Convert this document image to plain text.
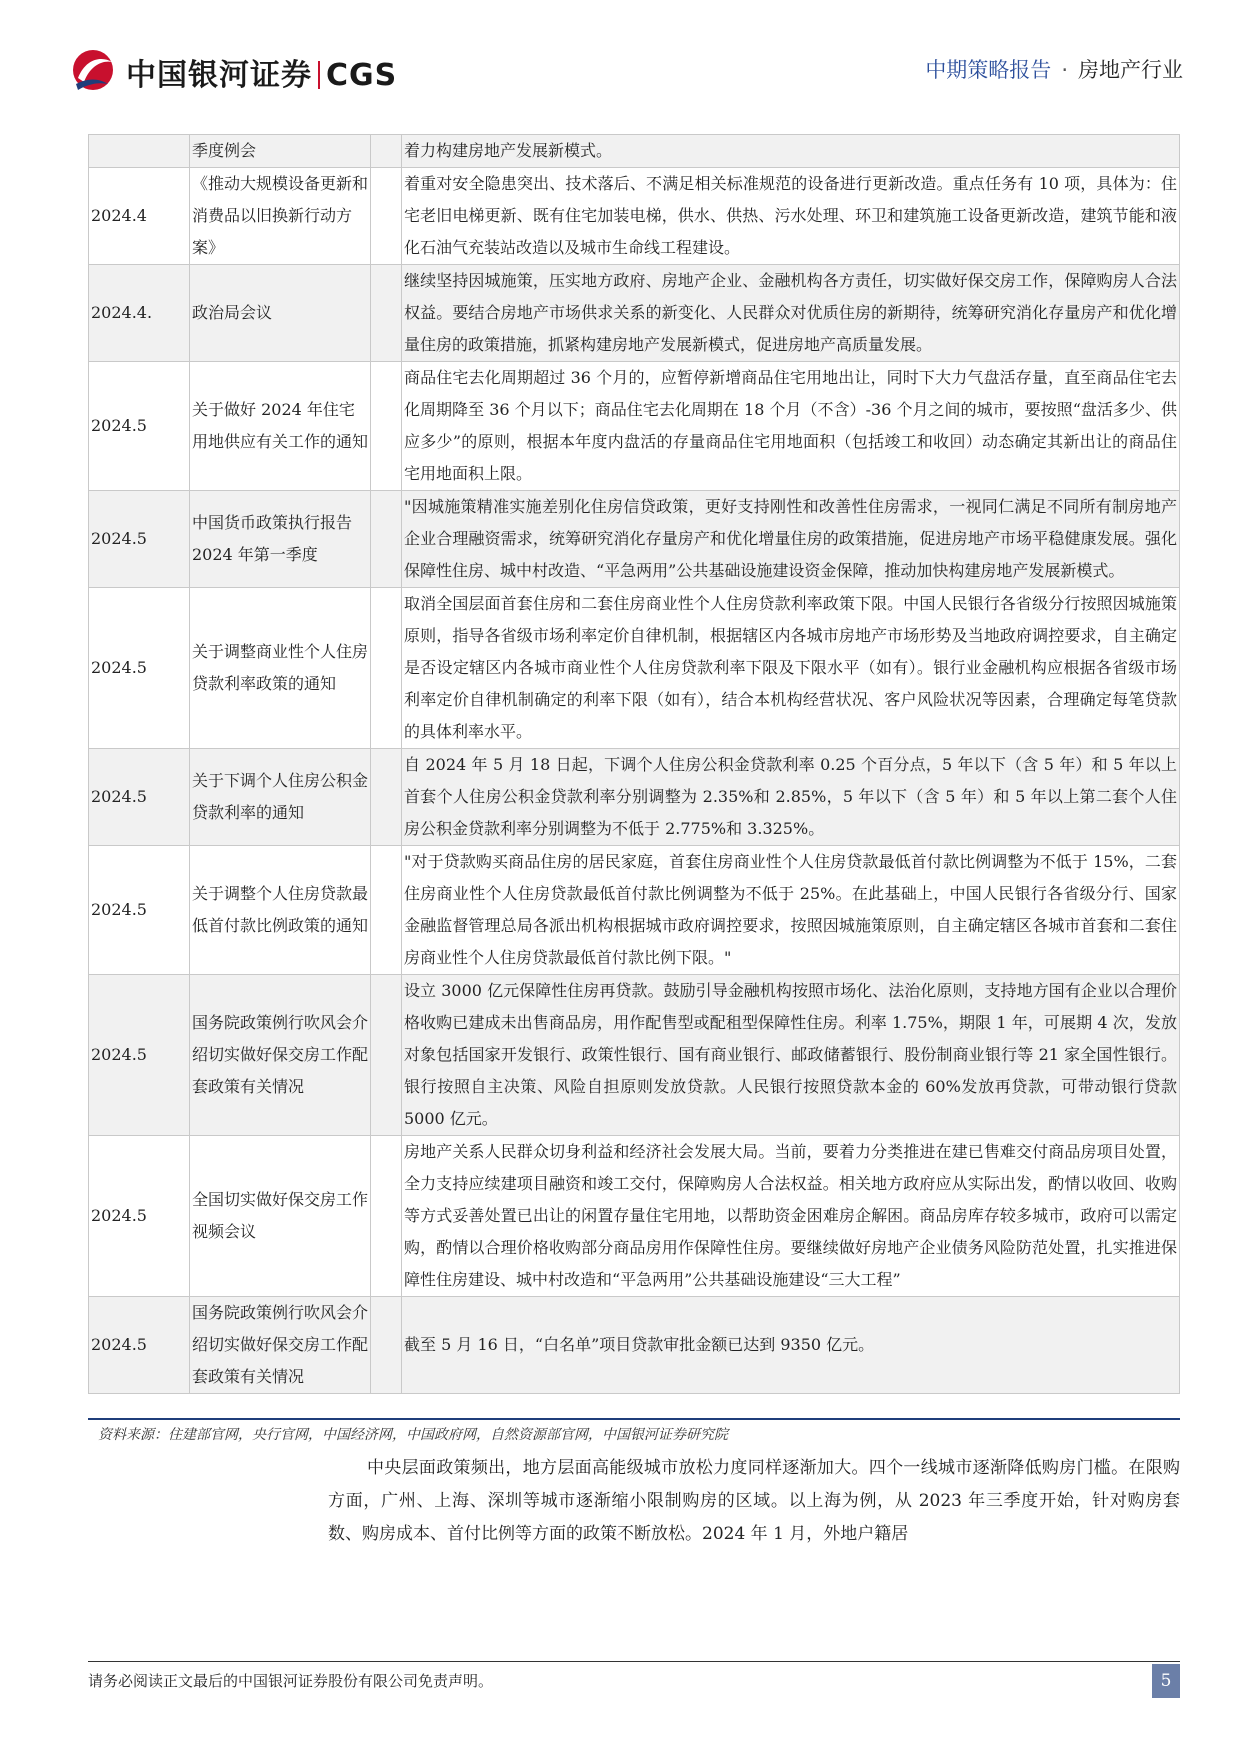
中国银河证券 CGS	中期策略报告 · 房地产行业
	季度例会		着力构建房地产发展新模式。
2024.4	《推动大规模设备更新和消费品以旧换新行动方案》		着重对安全隐患突出、技术落后、不满足相关标准规范的设备进行更新改造。重点任务有 10 项，具体为：住宅老旧电梯更新、既有住宅加装电梯，供水、供热、污水处理、环卫和建筑施工设备更新改造，建筑节能和液化石油气充装站改造以及城市生命线工程建设。
2024.4.	政治局会议		继续坚持因城施策，压实地方政府、房地产企业、金融机构各方责任，切实做好保交房工作，保障购房人合法权益。要结合房地产市场供求关系的新变化、人民群众对优质住房的新期待，统筹研究消化存量房产和优化增量住房的政策措施，抓紧构建房地产发展新模式，促进房地产高质量发展。
2024.5	关于做好 2024 年住宅用地供应有关工作的通知		商品住宅去化周期超过 36 个月的，应暂停新增商品住宅用地出让，同时下大力气盘活存量，直至商品住宅去化周期降至 36 个月以下；商品住宅去化周期在 18 个月（不含）-36 个月之间的城市，要按照“盘活多少、供应多少”的原则，根据本年度内盘活的存量商品住宅用地面积（包括竣工和收回）动态确定其新出让的商品住宅用地面积上限。
2024.5	中国货币政策执行报告 2024 年第一季度		"因城施策精准实施差别化住房信贷政策，更好支持刚性和改善性住房需求，一视同仁满足不同所有制房地产企业合理融资需求，统筹研究消化存量房产和优化增量住房的政策措施，促进房地产市场平稳健康发展。强化保障性住房、城中村改造、“平急两用”公共基础设施建设资金保障，推动加快构建房地产发展新模式。
2024.5	关于调整商业性个人住房贷款利率政策的通知		取消全国层面首套住房和二套住房商业性个人住房贷款利率政策下限。中国人民银行各省级分行按照因城施策原则，指导各省级市场利率定价自律机制，根据辖区内各城市房地产市场形势及当地政府调控要求，自主确定是否设定辖区内各城市商业性个人住房贷款利率下限及下限水平（如有）。银行业金融机构应根据各省级市场利率定价自律机制确定的利率下限（如有），结合本机构经营状况、客户风险状况等因素，合理确定每笔贷款的具体利率水平。
2024.5	关于下调个人住房公积金贷款利率的通知		自 2024 年 5 月 18 日起，下调个人住房公积金贷款利率 0.25 个百分点，5 年以下（含 5 年）和 5 年以上首套个人住房公积金贷款利率分别调整为 2.35%和 2.85%，5 年以下（含 5 年）和 5 年以上第二套个人住房公积金贷款利率分别调整为不低于 2.775%和 3.325%。
2024.5	关于调整个人住房贷款最低首付款比例政策的通知		"对于贷款购买商品住房的居民家庭，首套住房商业性个人住房贷款最低首付款比例调整为不低于 15%，二套住房商业性个人住房贷款最低首付款比例调整为不低于 25%。在此基础上，中国人民银行各省级分行、国家金融监督管理总局各派出机构根据城市政府调控要求，按照因城施策原则，自主确定辖区各城市首套和二套住房商业性个人住房贷款最低首付款比例下限。"
2024.5	国务院政策例行吹风会介绍切实做好保交房工作配套政策有关情况		设立 3000 亿元保障性住房再贷款。鼓励引导金融机构按照市场化、法治化原则，支持地方国有企业以合理价格收购已建成未出售商品房，用作配售型或配租型保障性住房。利率 1.75%，期限 1 年，可展期 4 次，发放对象包括国家开发银行、政策性银行、国有商业银行、邮政储蓄银行、股份制商业银行等 21 家全国性银行。银行按照自主决策、风险自担原则发放贷款。人民银行按照贷款本金的 60%发放再贷款，可带动银行贷款 5000 亿元。
2024.5	全国切实做好保交房工作视频会议		房地产关系人民群众切身利益和经济社会发展大局。当前，要着力分类推进在建已售难交付商品房项目处置，全力支持应续建项目融资和竣工交付，保障购房人合法权益。相关地方政府应从实际出发，酌情以收回、收购等方式妥善处置已出让的闲置存量住宅用地，以帮助资金困难房企解困。商品房库存较多城市，政府可以需定购，酌情以合理价格收购部分商品房用作保障性住房。要继续做好房地产企业债务风险防范处置，扎实推进保障性住房建设、城中村改造和“平急两用”公共基础设施建设“三大工程”
2024.5	国务院政策例行吹风会介绍切实做好保交房工作配套政策有关情况		截至 5 月 16 日，“白名单”项目贷款审批金额已达到 9350 亿元。
资料来源：住建部官网，央行官网，中国经济网，中国政府网，自然资源部官网，中国银河证券研究院

中央层面政策频出，地方层面高能级城市放松力度同样逐渐加大。四个一线城市逐渐降低购房门槛。在限购方面，广州、上海、深圳等城市逐渐缩小限制购房的区域。以上海为例，从 2023 年三季度开始，针对购房套数、购房成本、首付比例等方面的政策不断放松。2024 年 1 月，外地户籍居

请务必阅读正文最后的中国银河证券股份有限公司免责声明。	5
